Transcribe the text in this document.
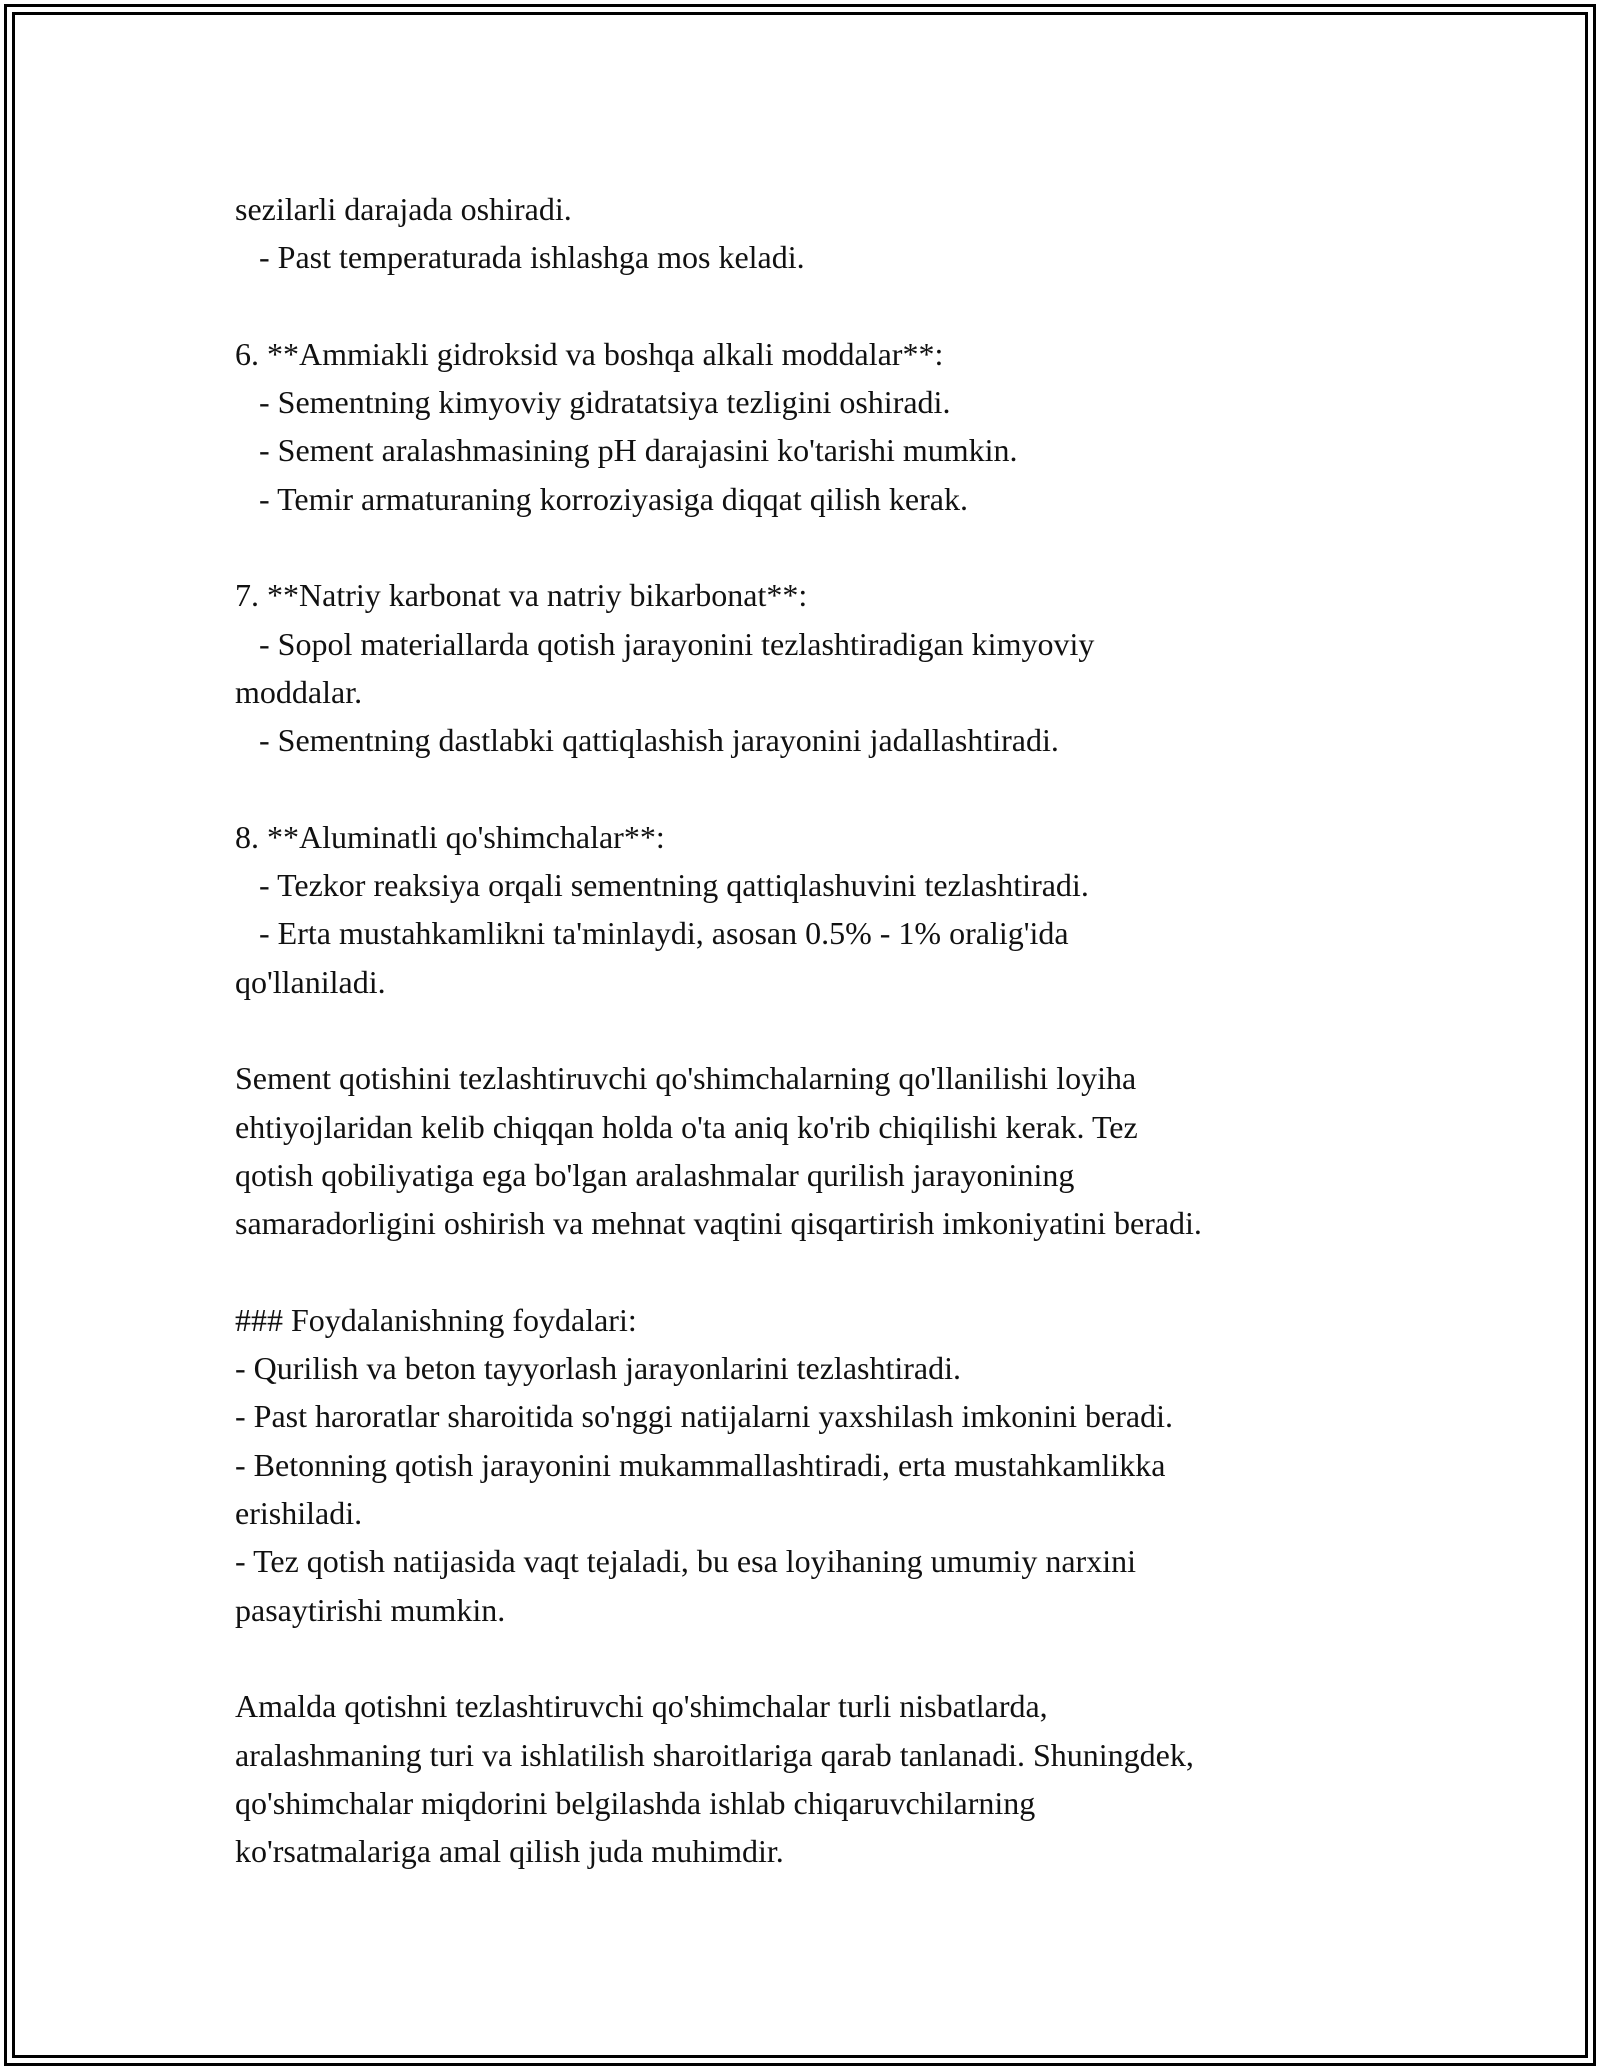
sezilarli darajada oshiradi.
- Past temperaturada ishlashga mos keladi.
6. **Ammiakli gidroksid va boshqa alkali moddalar**:
- Sementning kimyoviy gidratatsiya tezligini oshiradi.
- Sement aralashmasining pH darajasini ko'tarishi mumkin.
- Temir armaturaning korroziyasiga diqqat qilish kerak.
7. **Natriy karbonat va natriy bikarbonat**:
- Sopol materiallarda qotish jarayonini tezlashtiradigan kimyoviy
moddalar.
- Sementning dastlabki qattiqlashish jarayonini jadallashtiradi.
8. **Aluminatli qo'shimchalar**:
- Tezkor reaksiya orqali sementning qattiqlashuvini tezlashtiradi.
- Erta mustahkamlikni ta'minlaydi, asosan 0.5% - 1% oralig'ida
qo'llaniladi.
Sement qotishini tezlashtiruvchi qo'shimchalarning qo'llanilishi loyiha
ehtiyojlaridan kelib chiqqan holda o'ta aniq ko'rib chiqilishi kerak. Tez
qotish qobiliyatiga ega bo'lgan aralashmalar qurilish jarayonining
samaradorligini oshirish va mehnat vaqtini qisqartirish imkoniyatini beradi.
### Foydalanishning foydalari:
- Qurilish va beton tayyorlash jarayonlarini tezlashtiradi.
- Past haroratlar sharoitida so'nggi natijalarni yaxshilash imkonini beradi.
- Betonning qotish jarayonini mukammallashtiradi, erta mustahkamlikka
erishiladi.
- Tez qotish natijasida vaqt tejaladi, bu esa loyihaning umumiy narxini
pasaytirishi mumkin.
Amalda qotishni tezlashtiruvchi qo'shimchalar turli nisbatlarda,
aralashmaning turi va ishlatilish sharoitlariga qarab tanlanadi. Shuningdek,
qo'shimchalar miqdorini belgilashda ishlab chiqaruvchilarning
ko'rsatmalariga amal qilish juda muhimdir.
